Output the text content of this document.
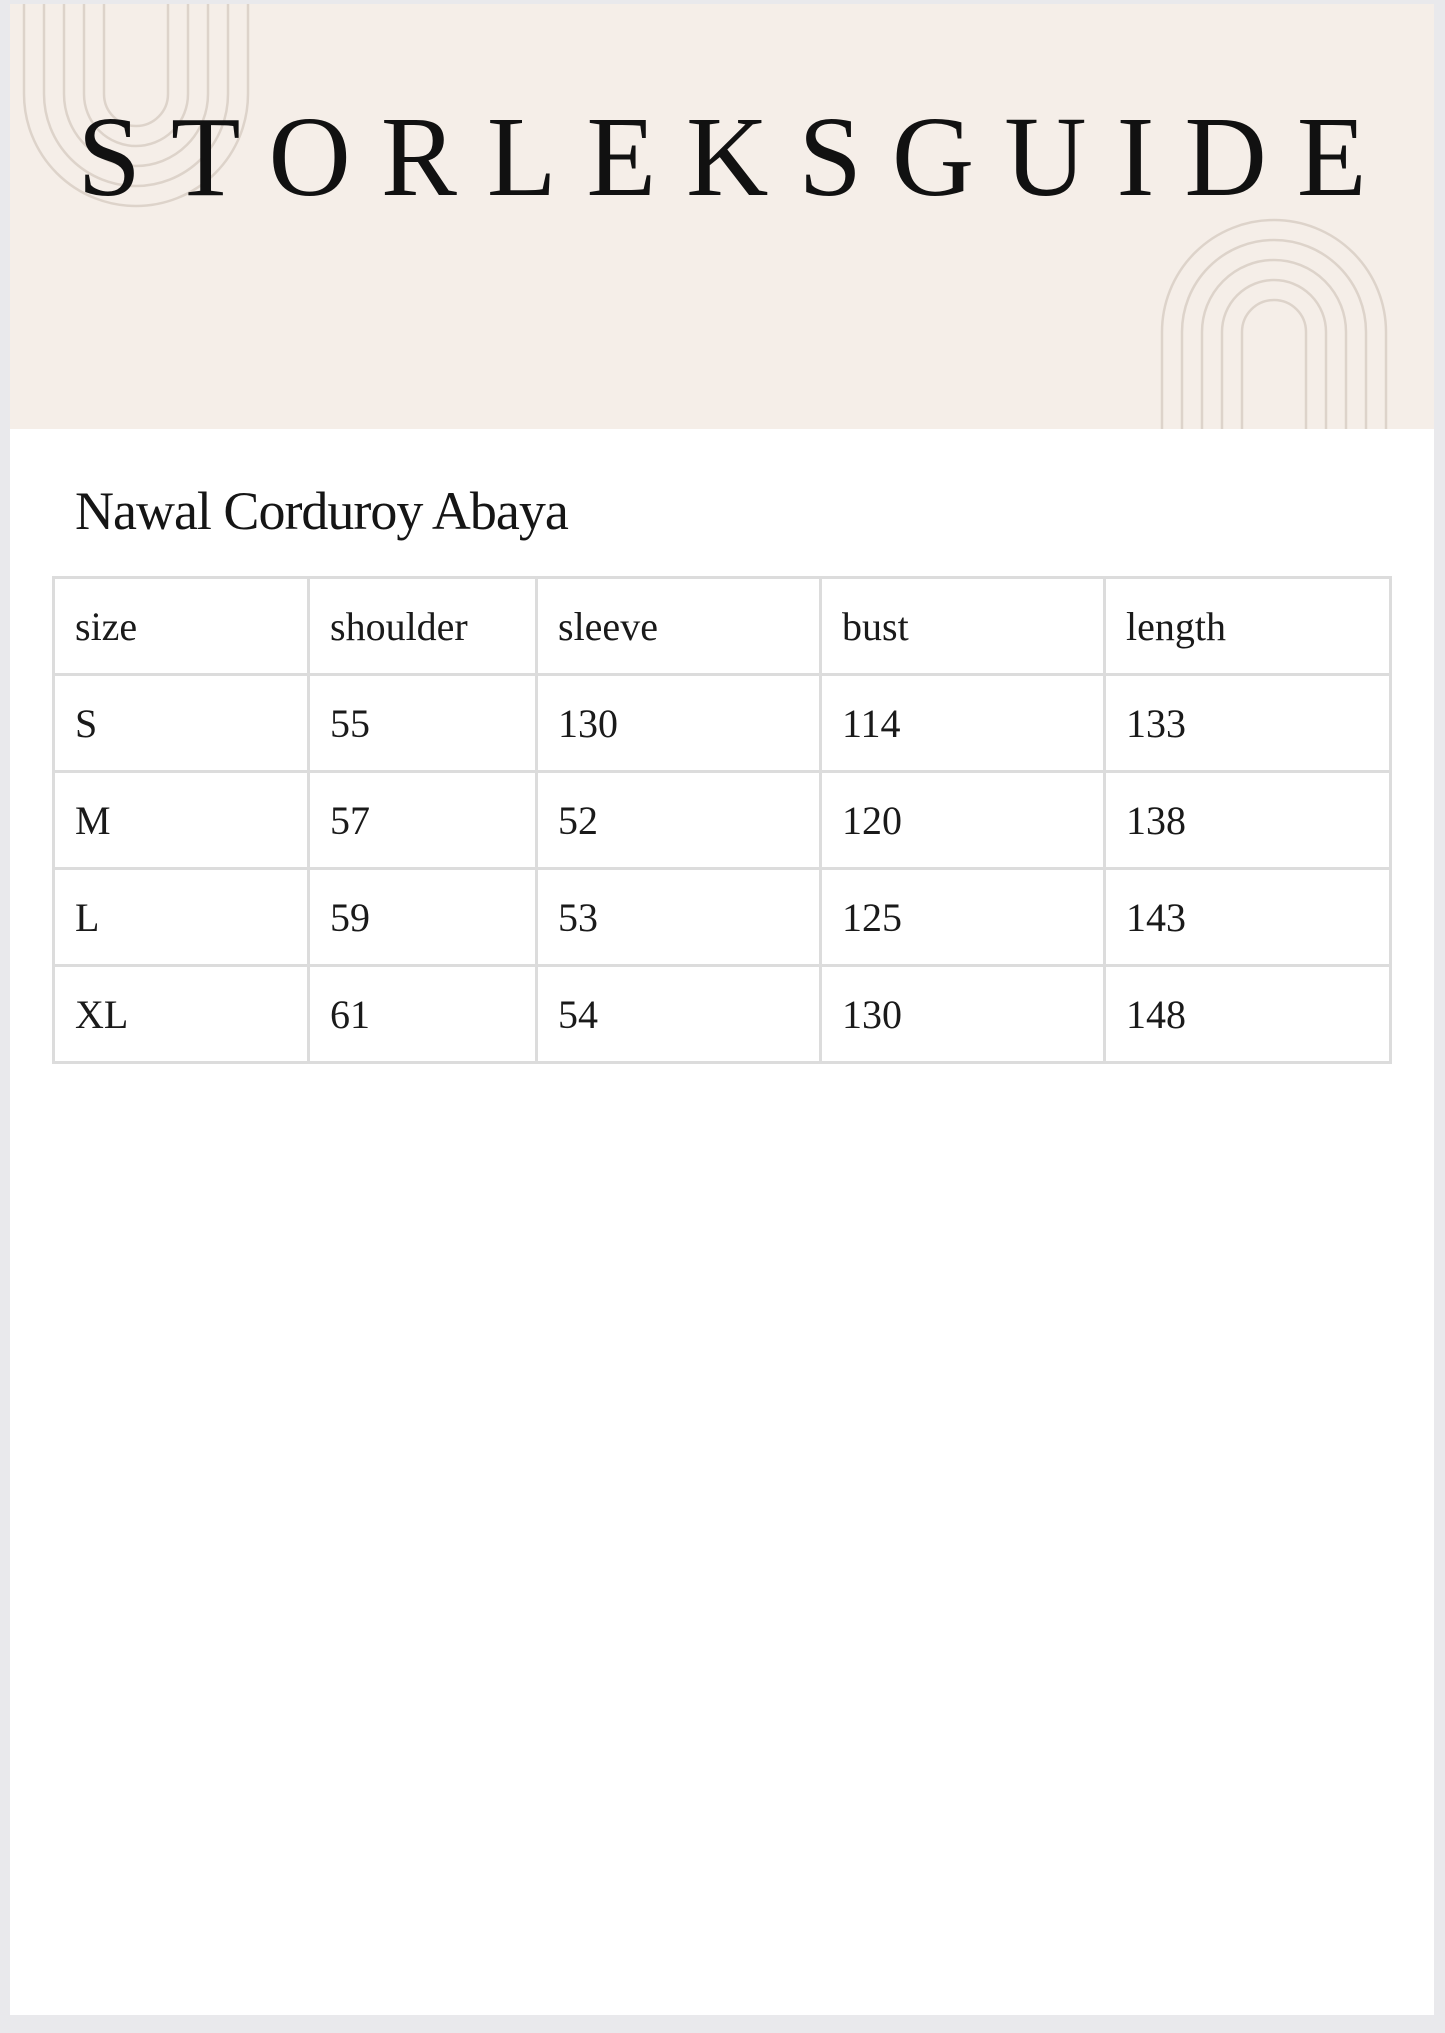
STORLEKSGUIDE
Nawal Corduroy Abaya
size	shoulder	sleeve	bust	length
S	55	130	114	133
M	57	52	120	138
L	59	53	125	143
XL	61	54	130	148
